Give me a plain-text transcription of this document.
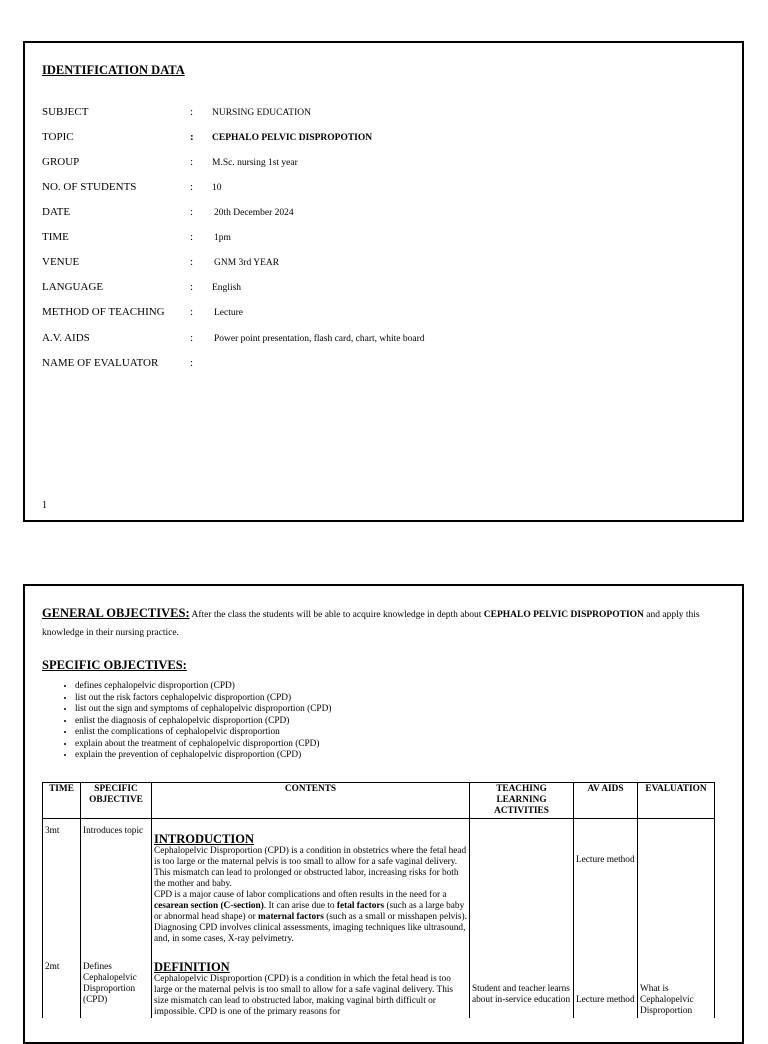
IDENTIFICATION DATA
SUBJECT	: NURSING EDUCATION
TOPIC	: CEPHALO PELVIC DISPROPOTION
GROUP	: M.Sc. nursing 1st year
NO. OF STUDENTS	: 10
DATE	: 20th December 2024
TIME	: 1pm
VENUE	: GNM 3rd YEAR
LANGUAGE	: English
METHOD OF TEACHING : Lecture
A.V. AIDS	: Power point presentation, flash card, chart, white board
NAME OF EVALUATOR	:
1
GENERAL OBJECTIVES: After the class the students will be able to acquire knowledge in depth about CEPHALO PELVIC DISPROPOTION and apply this knowledge in their nursing practice.
SPECIFIC OBJECTIVES:
• defines cephalopelvic disproportion (CPD)
• list out the risk factors cephalopelvic disproportion (CPD)
• list out the sign and symptoms of cephalopelvic disproportion (CPD)
• enlist the diagnosis of cephalopelvic disproportion (CPD)
• enlist the complications of cephalopelvic disproportion
• explain about the treatment of cephalopelvic disproportion (CPD)
• explain the prevention of cephalopelvic disproportion (CPD)
TIME	SPECIFIC OBJECTIVE	CONTENTS	TEACHING LEARNING ACTIVITIES	AV AIDS	EVALUATION
3mt	Introduces topic	INTRODUCTION
Cephalopelvic Disproportion (CPD) is a condition in obstetrics where the fetal head is too large or the maternal pelvis is too small to allow for a safe vaginal delivery. This mismatch can lead to prolonged or obstructed labor, increasing risks for both the mother and baby.
CPD is a major cause of labor complications and often results in the need for a cesarean section (C-section). It can arise due to fetal factors (such as a large baby or abnormal head shape) or maternal factors (such as a small or misshapen pelvis). Diagnosing CPD involves clinical assessments, imaging techniques like ultrasound, and, in some cases, X-ray pelvimetry.		Lecture method	
2mt	Defines Cephalopelvic Disproportion (CPD)	DEFINITION
Cephalopelvic Disproportion (CPD) is a condition in which the fetal head is too large or the maternal pelvis is too small to allow for a safe vaginal delivery. This size mismatch can lead to obstructed labor, making vaginal birth difficult or impossible. CPD is one of the primary reasons for	Student and teacher learns about in-service education	Lecture method	What is Cephalopelvic Disproportion
